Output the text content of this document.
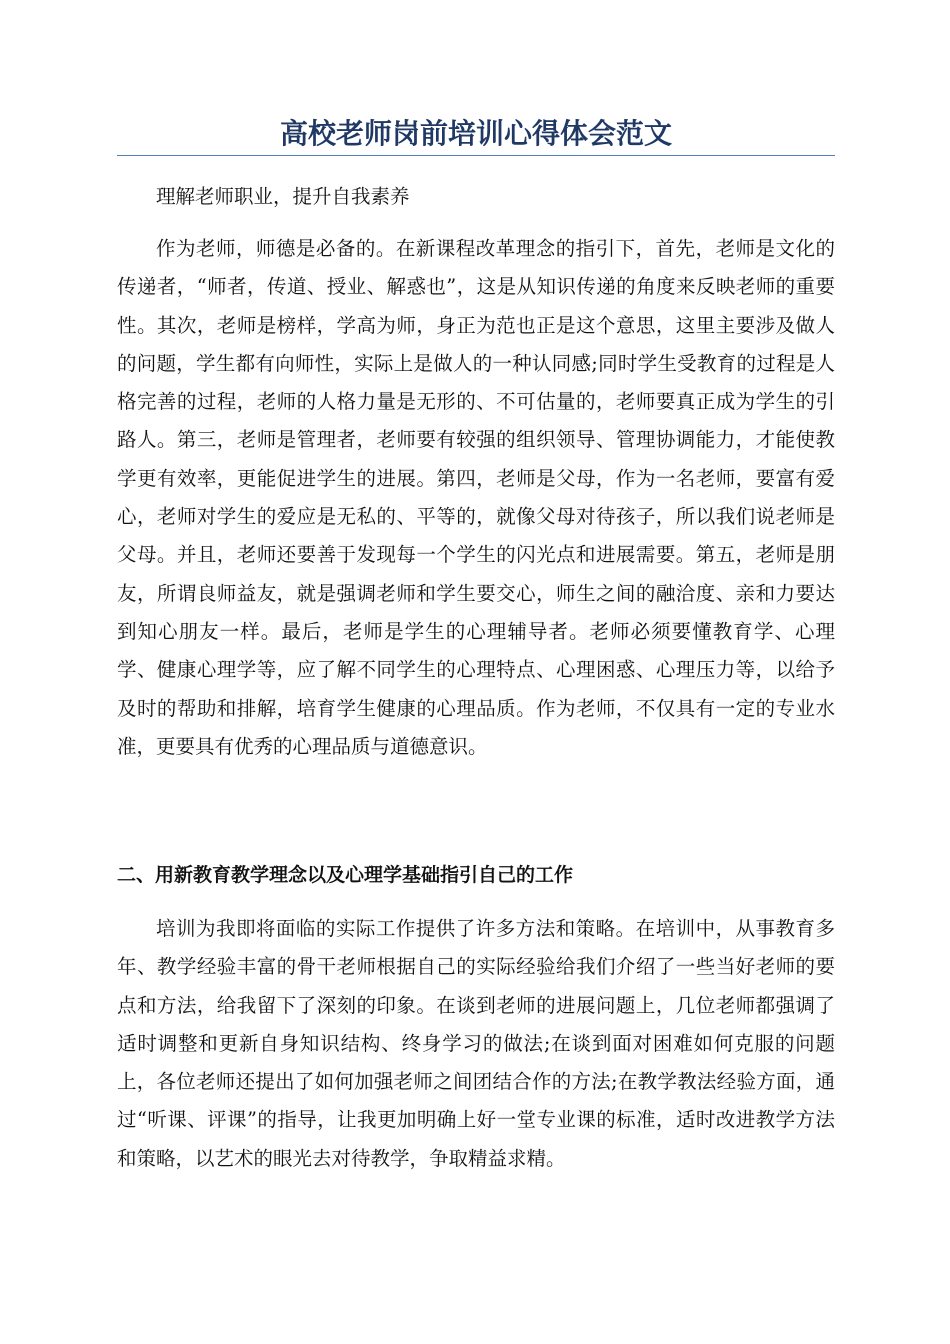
高校老师岗前培训心得体会范文

理解老师职业，提升自我素养

作为老师，师德是必备的。在新课程改革理念的指引下，首先，老师是文化的传递者，“师者，传道、授业、解惑也”，这是从知识传递的角度来反映老师的重要性。其次，老师是榜样，学高为师，身正为范也正是这个意思，这里主要涉及做人的问题，学生都有向师性，实际上是做人的一种认同感;同时学生受教育的过程是人格完善的过程，老师的人格力量是无形的、不可估量的，老师要真正成为学生的引路人。第三，老师是管理者，老师要有较强的组织领导、管理协调能力，才能使教学更有效率，更能促进学生的进展。第四，老师是父母，作为一名老师，要富有爱心，老师对学生的爱应是无私的、平等的，就像父母对待孩子，所以我们说老师是父母。并且，老师还要善于发现每一个学生的闪光点和进展需要。第五，老师是朋友，所谓良师益友，就是强调老师和学生要交心，师生之间的融洽度、亲和力要达到知心朋友一样。最后，老师是学生的心理辅导者。老师必须要懂教育学、心理学、健康心理学等，应了解不同学生的心理特点、心理困惑、心理压力等，以给予及时的帮助和排解，培育学生健康的心理品质。作为老师，不仅具有一定的专业水准，更要具有优秀的心理品质与道德意识。

二、用新教育教学理念以及心理学基础指引自己的工作

培训为我即将面临的实际工作提供了许多方法和策略。在培训中，从事教育多年、教学经验丰富的骨干老师根据自己的实际经验给我们介绍了一些当好老师的要点和方法，给我留下了深刻的印象。在谈到老师的进展问题上，几位老师都强调了适时调整和更新自身知识结构、终身学习的做法;在谈到面对困难如何克服的问题上，各位老师还提出了如何加强老师之间团结合作的方法;在教学教法经验方面，通过“听课、评课”的指导，让我更加明确上好一堂专业课的标准，适时改进教学方法和策略，以艺术的眼光去对待教学，争取精益求精。
